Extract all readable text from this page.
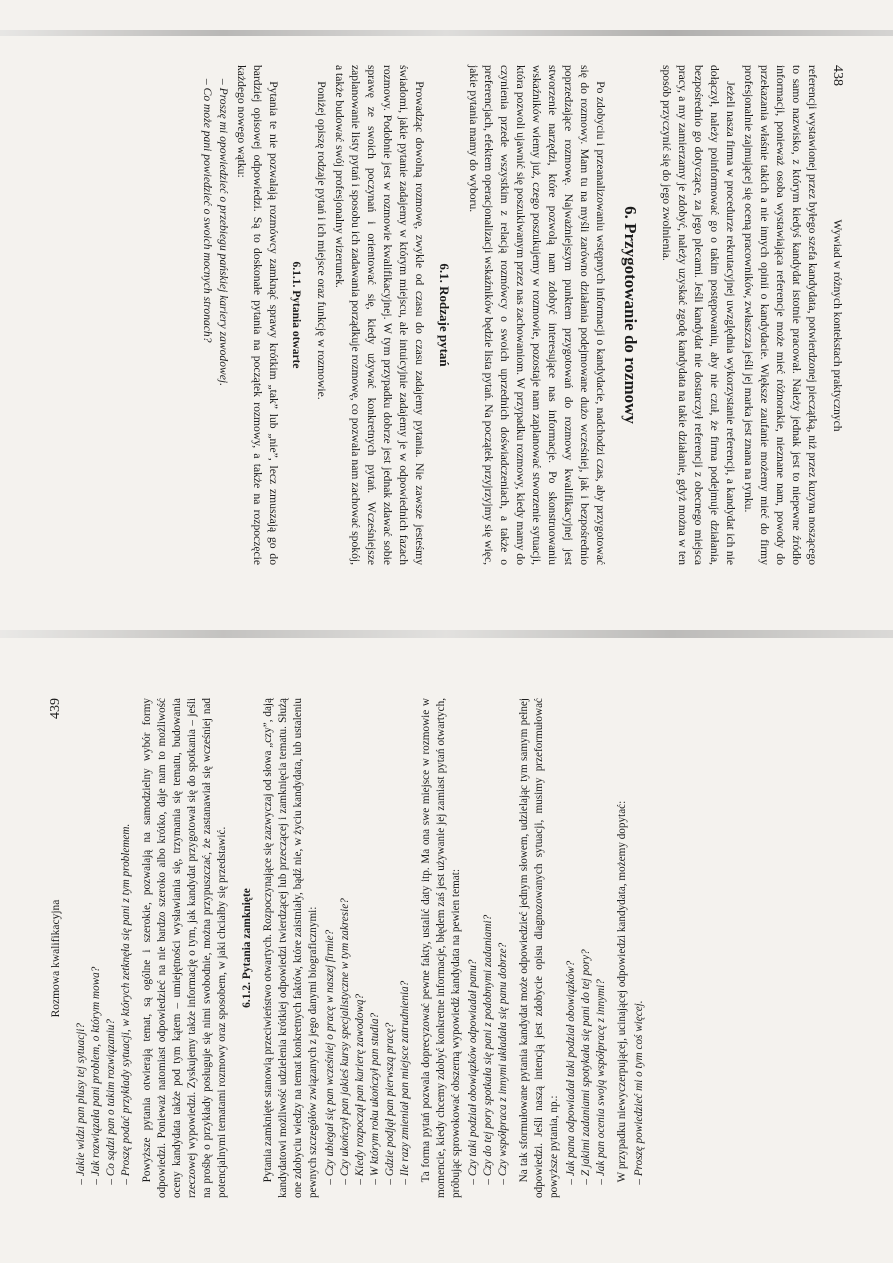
438
Wywiad w różnych kontekstach praktycznych

referencji wystawionej przez byłego szefa kandydata, potwierdzonej pieczątką, niż przez kuzyna noszącego to samo nazwisko, z którym kiedyś kandydat istotnie pracował. Należy jednak jest to niepewne źródło informacji, ponieważ osoba wystawiająca referencje może mieć różnorakie, nieznane nam, powody do przekazania właśnie takich a nie innych opinii o kandydacie. Większe zaufanie możemy mieć do firmy profesjonalnie zajmującej się oceną pracowników, zwłaszcza jeśli jej marka jest znana na rynku.

Jeżeli nasza firma w procedurze rekrutacyjnej uwzględnia wykorzystanie referencji, a kandydat ich nie dołączył, należy poinformować go o takim postępowaniu, aby nie czuł, że firma podejmuje działania, bezpośrednio go dotyczące, za jego plecami. Jeśli kandydat nie dostarczył referencji z obecnego miejsca pracy, a my zamierzamy je zdobyć, należy uzyskać zgodę kandydata na takie działanie, gdyż można w ten sposób przyczynić się do jego zwolnienia.

6. Przygotowanie do rozmowy

Po zdobyciu i przeanalizowaniu wstępnych informacji o kandydacie, nadchodzi czas, aby przygotować się do rozmowy. Mam tu na myśli zarówno działania podejmowane dużo wcześniej, jak i bezpośrednio poprzedzające rozmowę. Najważniejszym punktem przygotowań do rozmowy kwalifikacyjnej jest stworzenie narzędzi, które pozwolą nam zdobyć interesujące nas informacje. Po skonstruowaniu wskaźników wiemy już, czego poszukujemy w rozmowie, pozostaje nam zaplanować stworzenie sytuacji, która pozwoli ujawnić się poszukiwanym przez nas zachowaniom. W przypadku rozmowy, kiedy mamy do czynienia przede wszystkim z relacją rozmówcy o swoich uprzednich doświadczeniach, a także o preferencjach, efektem operacjonalizacji wskaźników będzie lista pytań. Na początek przyjrzyjmy się więc, jakie pytania mamy do wyboru.

6.1. Rodzaje pytań

Prowadząc dowolną rozmowę, zwykle od czasu do czasu zadajemy pytania. Nie zawsze jesteśmy świadomi, jakie pytanie zadajemy w którym miejscu, ale intuicyjnie zadajemy je w odpowiednich fazach rozmowy. Podobnie jest w rozmowie kwalifikacyjnej. W tym przypadku dobrze jest jednak zdawać sobie sprawę ze swoich poczynań i orientować się, kiedy używać konkretnych pytań. Wcześniejsze zaplanowanie listy pytań i sposobu ich zadawania porządkuje rozmowę, co pozwala nam zachować spokój, a także budować swój profesjonalny wizerunek.

Poniżej opiszę rodzaje pytań i ich miejsce oraz funkcję w rozmowie.

6.1.1. Pytania otwarte

Pytania te nie pozwalają rozmówcy zamknąć sprawy krótkim „tak” lub „nie”, lecz zmuszają go do bardziej opisowej odpowiedzi. Są to doskonałe pytania na początek rozmowy, a także na rozpoczęcie każdego nowego wątku:

– Proszę mi opowiedzieć o przebiegu pańskiej kariery zawodowej.
– Co może pani powiedzieć o swoich mocnych stronach?
Rozmowa kwalifikacyjna
439
– Jakie widzi pan plusy tej sytuacji? – Jak rozwiązała pani problem, o którym mowa? – Co sądzi pan o takim rozwiązaniu? – Proszę podać przykłady sytuacji, w których zetknęła się pani z tym problemem. Powyższe pytania otwierają temat, są ogólne i szerokie, pozwalają na samodzielny wybór formy odpowiedzi. Ponieważ natomiast odpowiedzieć na nie bardzo szeroko albo krótko, daje nam to możliwość oceny kandydata także pod tym kątem – umiejętności wysławiania się, trzymania się tematu, budowania rzeczowej wypowiedzi. Zyskujemy także informację o tym, jak kandydat przygotował się do spotkania – jeśli na prośbę o przykłady posługuje się nimi swobodnie, można przypuszczać, że zastanawiał się wcześniej nad potencjalnymi tematami rozmowy oraz sposobem, w jaki chciałby się przedstawić. 6.1.2. Pytania zamknięte Pytania zamknięte stanowią przeciwieństwo otwartych. Rozpoczynające się zazwyczaj od słowa „czy”, dają kandydatowi możliwość udzielenia krótkiej odpowiedzi twierdzącej lub przeczącej i zamknięcia tematu. Służą one zdobyciu wiedzy na temat konkretnych faktów, które zaistniały, bądź nie, w życiu kandydata, lub ustaleniu pewnych szczegółów związanych z jego danymi biograficznymi: – Czy ubiegał się pan wcześniej o pracę w naszej firmie? – Czy ukończył pan jakieś kursy specjalistyczne w tym zakresie? – Kiedy rozpoczął pan karierę zawodową? – W którym roku ukończył pan studia? – Gdzie podjął pan pierwszą pracę? – Ile razy zmieniał pan miejsce zatrudnienia? Ta forma pytań pozwala doprecyzować pewne fakty, ustalić daty itp. Ma ona swe miejsce w rozmowie w momencie, kiedy chcemy zdobyć konkretne informacje, błędem zaś jest używanie jej zamiast pytań otwartych, próbując sprowokować obszerną wypowiedź kandydata na pewien temat: – Czy taki podział obowiązków odpowiadał panu? – Czy do tej pory spotkała się pani z podobnymi zadaniami? – Czy współpraca z innymi układała się panu dobrze? Na tak sformułowane pytania kandydat może odpowiedzieć jednym słowem, udzielając tym samym pełnej odpowiedzi. Jeśli naszą intencją jest zdobycie opisu diagnozowanych sytuacji, musimy przeformułować powyższe pytania, np.: – Jak pana odpowiadał taki podział obowiązków? – Z jakimi zadaniami spotykała się pani do tej pory? – Jak pan ocenia swoją współpracę z innymi? W przypadku niewyczerpującej, ucinającej odpowiedzi kandydata, możemy dopytać: – Proszę powiedzieć mi o tym coś więcej.
